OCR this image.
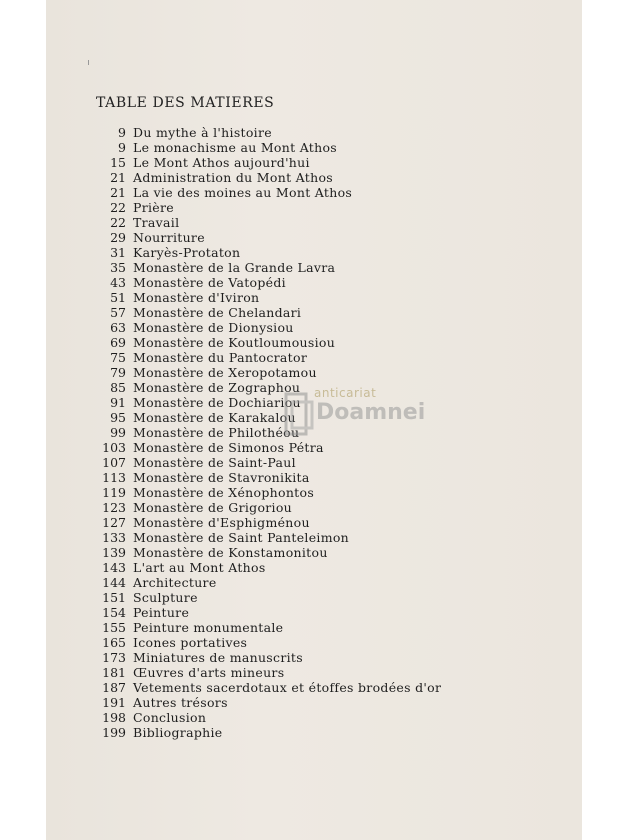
TABLE DES MATIERES
9 Du mythe à l'histoire
9 Le monachisme au Mont Athos
15 Le Mont Athos aujourd'hui
21 Administration du Mont Athos
21 La vie des moines au Mont Athos
22 Prière
22 Travail
29 Nourriture
31 Karyès-Protaton
35 Monastère de la Grande Lavra
43 Monastère de Vatopédi
51 Monastère d'Iviron
57 Monastère de Chelandari
63 Monastère de Dionysiou
69 Monastère de Koutloumousiou
75 Monastère du Pantocrator
79 Monastère de Xeropotamou
85 Monastère de Zographou
91 Monastère de Dochiariou
95 Monastère de Karakalou
99 Monastère de Philothéou
103 Monastère de Simonos Pétra
107 Monastère de Saint-Paul
113 Monastère de Stavronikita
119 Monastère de Xénophontos
123 Monastère de Grigoriou
127 Monastère d'Esphigménou
133 Monastère de Saint Panteleimon
139 Monastère de Konstamonitou
143 L'art au Mont Athos
144 Architecture
151 Sculpture
154 Peinture
155 Peinture monumentale
165 Icones portatives
173 Miniatures de manuscrits
181 Œuvres d'arts mineurs
187 Vetements sacerdotaux et étoffes brodées d'or
191 Autres trésors
198 Conclusion
199 Bibliographie
anticariat
Doamnei
